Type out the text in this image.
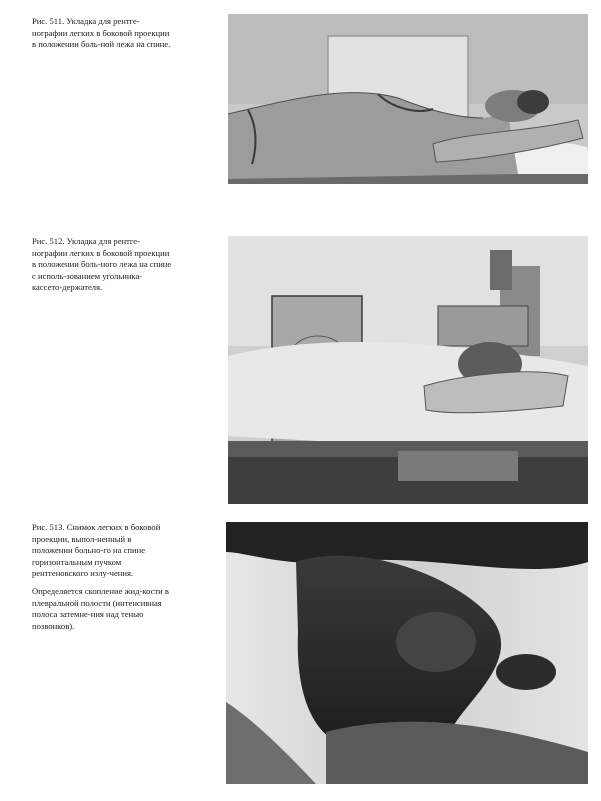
Рис. 511. Укладка для рентге-нографии легких в боковой проекции в положении боль-ной лежа на спине.

Рис. 512. Укладка для рентге-нографии легких в боковой проекции в положении боль-ного лежа на спине с исполь-зованием угольника-кассето-держателя.

Рис. 513. Снимок легких в боковой проекции, выпол-ненный в положении больно-го на спине горизонтальным пучком рентгеновского излу-чения.

Определяется скопление жид-кости в плевральной полости (интенсивная полоса затемне-ния над тенью позвонков).
